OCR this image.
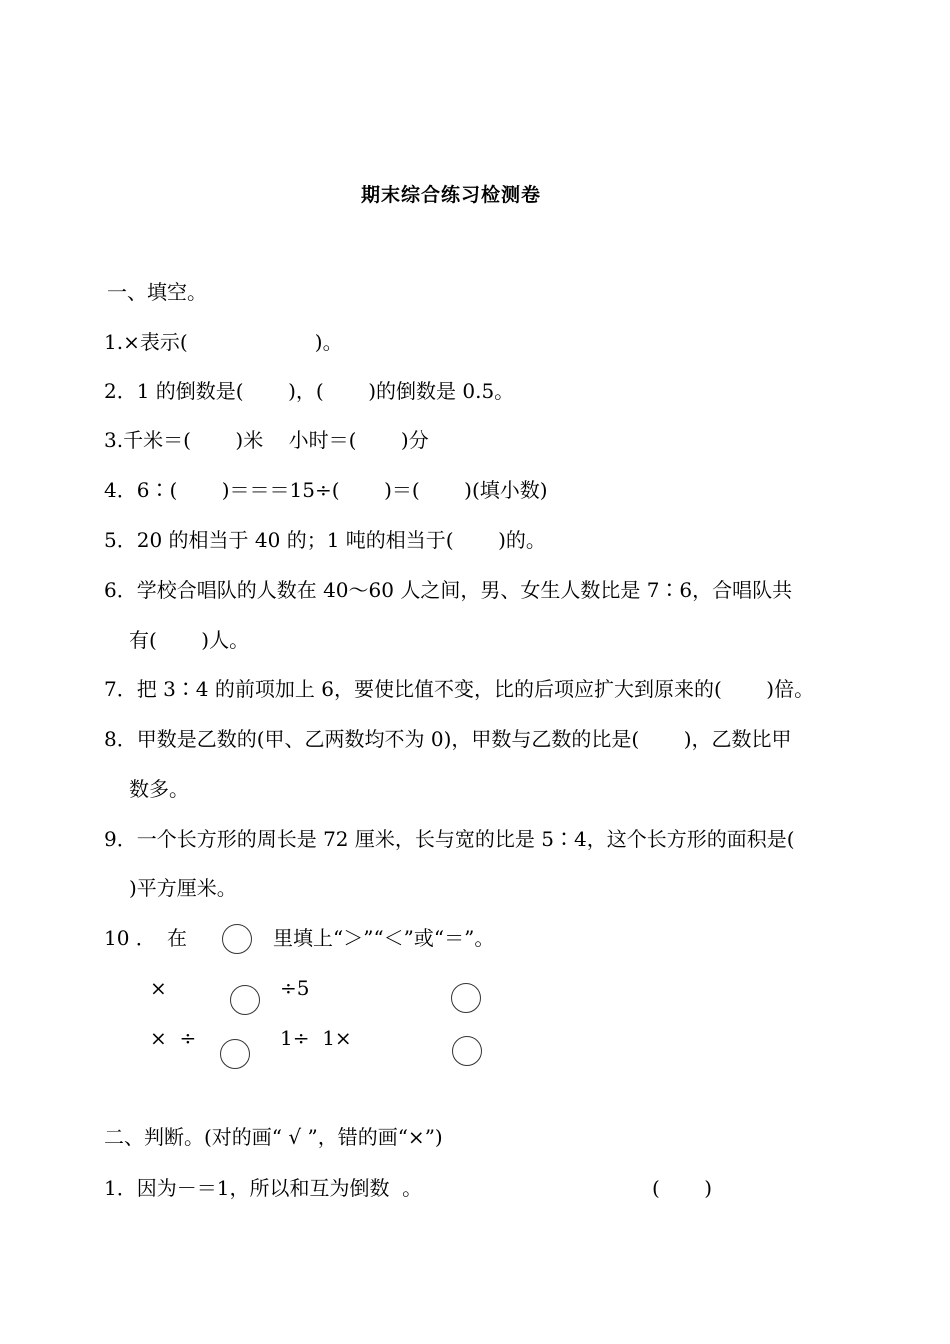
期末综合练习检测卷
一、填空。
1.×表示(                    )。
2．1 的倒数是(       )，(       )的倒数是 0.5。
3.千米＝(       )米    小时＝(       )分
4．6∶(       )＝＝＝15÷(       )＝(       )(填小数)
5．20 的相当于 40 的；1 吨的相当于(       )的。
6．学校合唱队的人数在 40～60 人之间，男、女生人数比是 7∶6，合唱队共
有(       )人。
7．把 3∶4 的前项加上 6，要使比值不变，比的后项应扩大到原来的(       )倍。
8．甲数是乙数的(甲、乙两数均不为 0)，甲数与乙数的比是(       )，乙数比甲
数多。
9．一个长方形的周长是 72 厘米，长与宽的比是 5∶4，这个长方形的面积是(
)平方厘米。
10 ． 在	里填上“＞”“＜”或“＝”。
×	÷5
×  ÷	1÷  1×
二、判断。(对的画“ √ ”，错的画“×”)
1．因为－＝1，所以和互为倒数  。	(       )
